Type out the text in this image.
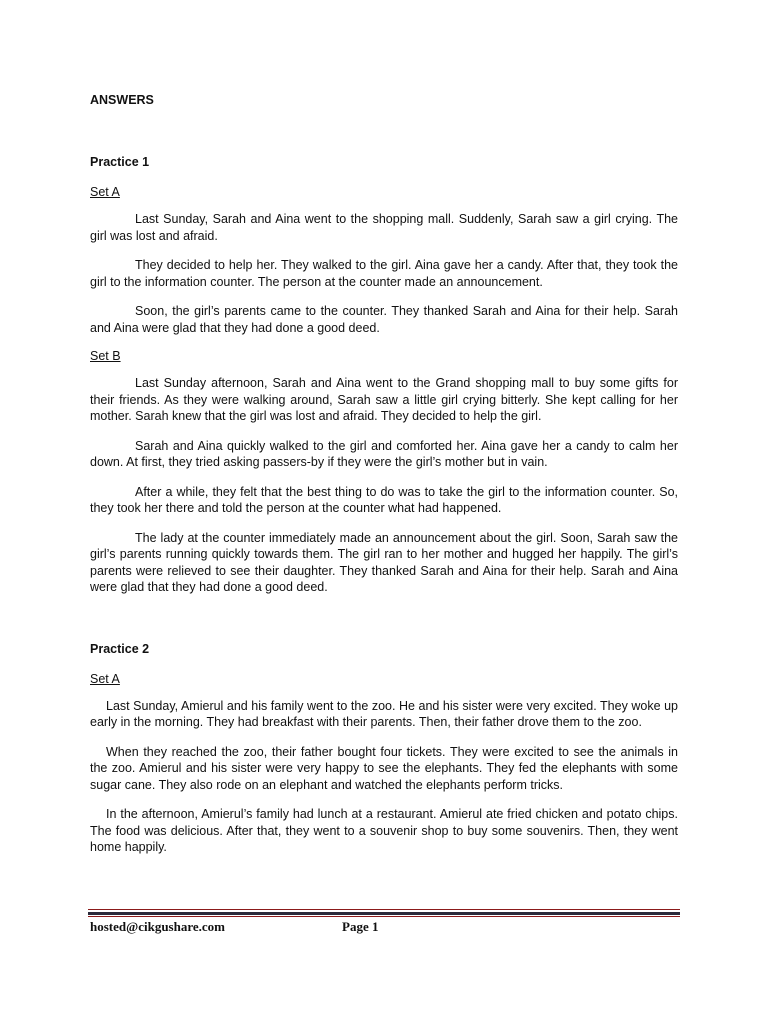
ANSWERS

Practice 1

Set A

Last Sunday, Sarah and Aina went to the shopping mall. Suddenly, Sarah saw a girl crying. The girl was lost and afraid.

They decided to help her. They walked to the girl. Aina gave her a candy. After that, they took the girl to the information counter. The person at the counter made an announcement.

Soon, the girl’s parents came to the counter. They thanked Sarah and Aina for their help. Sarah and Aina were glad that they had done a good deed.

Set B

Last Sunday afternoon, Sarah and Aina went to the Grand shopping mall to buy some gifts for their friends. As they were walking around, Sarah saw a little girl crying bitterly. She kept calling for her mother. Sarah knew that the girl was lost and afraid. They decided to help the girl.

Sarah and Aina quickly walked to the girl and comforted her. Aina gave her a candy to calm her down. At first, they tried asking passers-by if they were the girl’s mother but in vain.

After a while, they felt that the best thing to do was to take the girl to the information counter. So, they took her there and told the person at the counter what had happened.

The lady at the counter immediately made an announcement about the girl. Soon, Sarah saw the girl’s parents running quickly towards them. The girl ran to her mother and hugged her happily. The girl’s parents were relieved to see their daughter. They thanked Sarah and Aina for their help. Sarah and Aina were glad that they had done a good deed.

Practice 2

Set A

Last Sunday, Amierul and his family went to the zoo. He and his sister were very excited. They woke up early in the morning. They had breakfast with their parents. Then, their father drove them to the zoo.

When they reached the zoo, their father bought four tickets. They were excited to see the animals in the zoo. Amierul and his sister were very happy to see the elephants. They fed the elephants with some sugar cane. They also rode on an elephant and watched the elephants perform tricks.

In the afternoon, Amierul’s family had lunch at a restaurant. Amierul ate fried chicken and potato chips. The food was delicious. After that, they went to a souvenir shop to buy some souvenirs. Then, they went home happily.

hosted@cikgushare.com	Page 1
